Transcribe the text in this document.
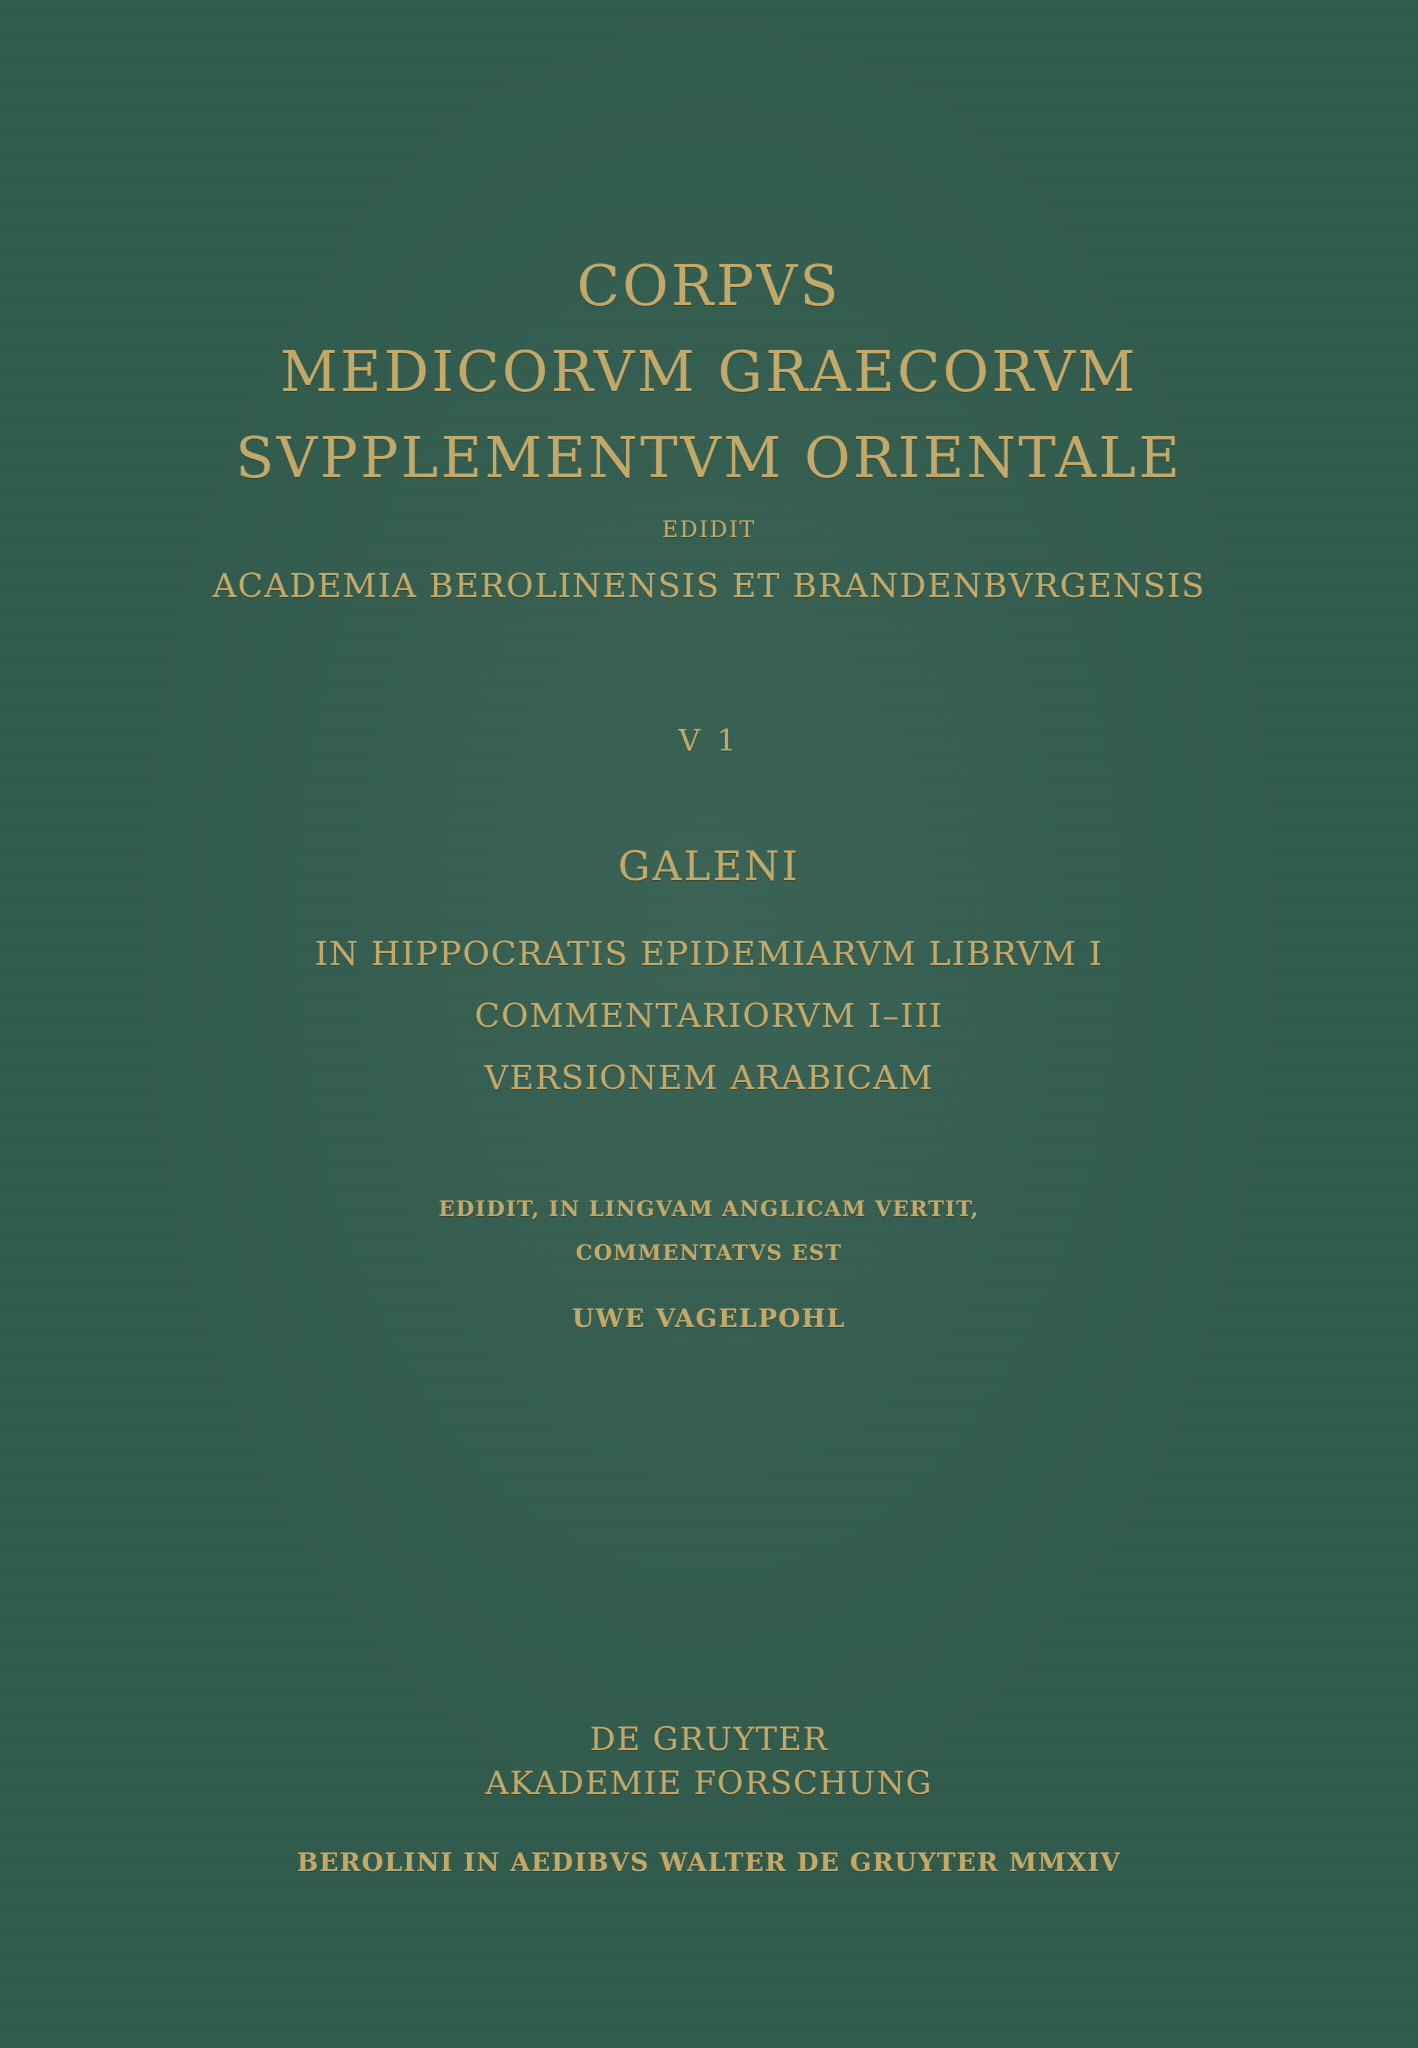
CORPVS
MEDICORVM GRAECORVM
SVPPLEMENTVM ORIENTALE
EDIDIT
ACADEMIA BEROLINENSIS ET BRANDENBVRGENSIS
V 1
GALENI
IN HIPPOCRATIS EPIDEMIARVM LIBRVM I
COMMENTARIORVM I–III
VERSIONEM ARABICAM
EDIDIT, IN LINGVAM ANGLICAM VERTIT,
COMMENTATVS EST
UWE VAGELPOHL
DE GRUYTER
AKADEMIE FORSCHUNG
BEROLINI IN AEDIBVS WALTER DE GRUYTER MMXIV
